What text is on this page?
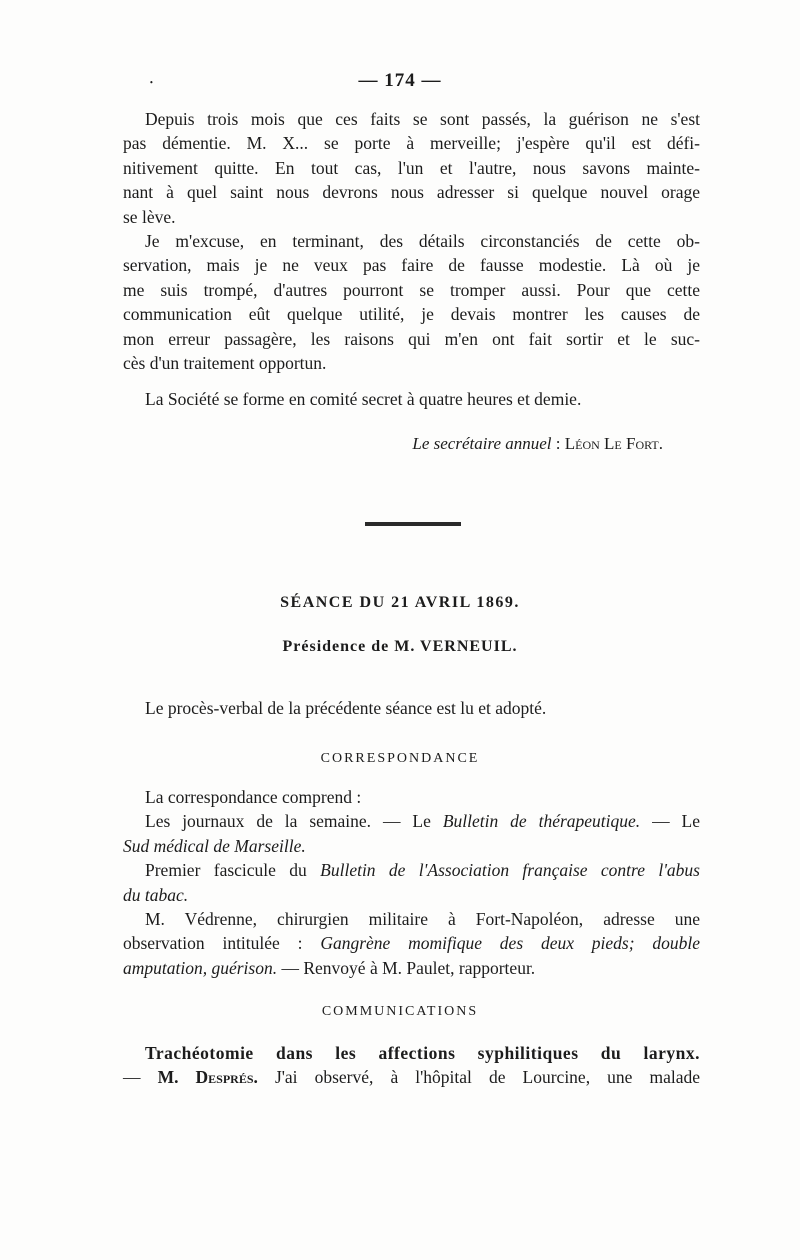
•	— 174 —
Depuis trois mois que ces faits se sont passés, la guérison ne s'est
pas démentie. M. X... se porte à merveille; j'espère qu'il est défi-
nitivement quitte. En tout cas, l'un et l'autre, nous savons mainte-
nant à quel saint nous devrons nous adresser si quelque nouvel orage
se lève.
Je m'excuse, en terminant, des détails circonstanciés de cette ob-
servation, mais je ne veux pas faire de fausse modestie. Là où je
me suis trompé, d'autres pourront se tromper aussi. Pour que cette
communication eût quelque utilité, je devais montrer les causes de
mon erreur passagère, les raisons qui m'en ont fait sortir et le suc-
cès d'un traitement opportun.
La Société se forme en comité secret à quatre heures et demie.
Le secrétaire annuel : Léon Le Fort.
SÉANCE DU 21 AVRIL 1869.
Présidence de M. VERNEUIL.
Le procès-verbal de la précédente séance est lu et adopté.
CORRESPONDANCE
La correspondance comprend :
Les journaux de la semaine. — Le Bulletin de thérapeutique. — Le
Sud médical de Marseille.
Premier fascicule du Bulletin de l'Association française contre l'abus
du tabac.
M. Védrenne, chirurgien militaire à Fort-Napoléon, adresse une
observation intitulée : Gangrène momifique des deux pieds; double
amputation, guérison. — Renvoyé à M. Paulet, rapporteur.
COMMUNICATIONS
Trachéotomie dans les affections syphilitiques du larynx.
— M. Després. J'ai observé, à l'hôpital de Lourcine, une malade
